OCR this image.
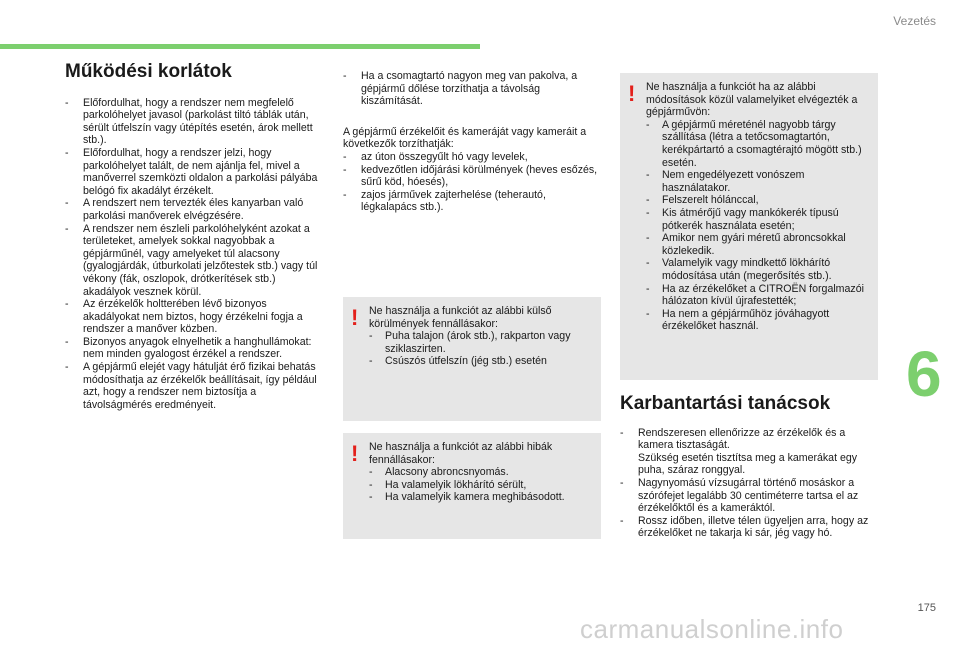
Vezetés
6
Működési korlátok
- Előfordulhat, hogy a rendszer nem megfelelő parkolóhelyet javasol (parkolást tiltó táblák után, sérült útfelszín vagy útépítés esetén, árok mellett stb.).
- Előfordulhat, hogy a rendszer jelzi, hogy parkolóhelyet talált, de nem ajánlja fel, mivel a manőverrel szemközti oldalon a parkolási pályába belógó fix akadályt érzékelt.
- A rendszert nem tervezték éles kanyarban való parkolási manőverek elvégzésére.
- A rendszer nem észleli parkolóhelyként azokat a területeket, amelyek sokkal nagyobbak a gépjárműnél, vagy amelyeket túl alacsony (gyalogjárdák, útburkolati jelzőtestek stb.) vagy túl vékony (fák, oszlopok, drótkerítések stb.) akadályok vesznek körül.
- Az érzékelők holtterében lévő bizonyos akadályokat nem biztos, hogy érzékelni fogja a rendszer a manőver közben.
- Bizonyos anyagok elnyelhetik a hanghullámokat: nem minden gyalogost érzékel a rendszer.
- A gépjármű elejét vagy hátulját érő fizikai behatás módosíthatja az érzékelők beállításait, így például azt, hogy a rendszer nem biztosítja a távolságmérés eredményeit.
- Ha a csomagtartó nagyon meg van pakolva, a gépjármű dőlése torzíthatja a távolság kiszámítását.

A gépjármű érzékelőit és kameráját vagy kameráit a következők torzíthatják:

- az úton összegyűlt hó vagy levelek,
- kedvezőtlen időjárási körülmények (heves esőzés, sűrű köd, hóesés),
- zajos járművek zajterhelése (teherautó, légkalapács stb.).
! Ne használja a funkciót az alábbi külső körülmények fennállásakor:

- Puha talajon (árok stb.), rakparton vagy sziklaszirten.
- Csúszós útfelszín (jég stb.) esetén
! Ne használja a funkciót az alábbi hibák fennállásakor:

- Alacsony abroncsnyomás.
- Ha valamelyik lökhárító sérült,
- Ha valamelyik kamera meghibásodott.
! Ne használja a funkciót ha az alábbi módosítások közül valamelyiket elvégezték a gépjárművön:

- A gépjármű méreténél nagyobb tárgy szállítása (létra a tetőcsomagtartón, kerékpártartó a csomagtérajtó mögött stb.) esetén.
- Nem engedélyezett vonószem használatakor.
- Felszerelt hólánccal,
- Kis átmérőjű vagy mankókerék típusú pótkerék használata esetén;
- Amikor nem gyári méretű abroncsokkal közlekedik.
- Valamelyik vagy mindkettő lökhárító módosítása után (megerősítés stb.).
- Ha az érzékelőket a CITROËN forgalmazói hálózaton kívül újrafestették;
- Ha nem a gépjárműhöz jóváhagyott érzékelőket használ.
Karbantartási tanácsok
- Rendszeresen ellenőrizze az érzékelők és a kamera tisztaságát.
Szükség esetén tisztítsa meg a kamerákat egy puha, száraz ronggyal.
- Nagynyomású vízsugárral történő mosáskor a szórófejet legalább 30 centiméterre tartsa el az érzékelőktől és a kameráktól.
- Rossz időben, illetve télen ügyeljen arra, hogy az érzékelőket ne takarja ki sár, jég vagy hó.
175
carmanualsonline.info
